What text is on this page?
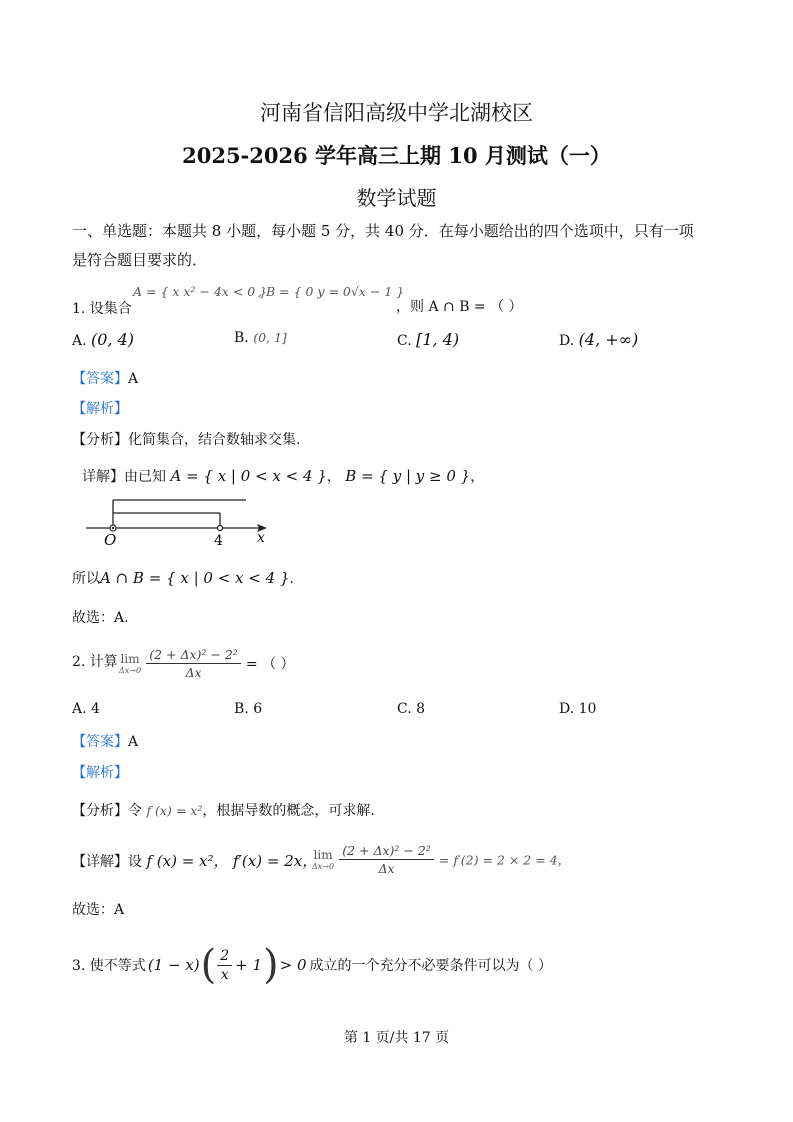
河南省信阳高级中学北湖校区
2025-2026 学年高三上期 10 月测试（一）
数学试题
一、单选题：本题共 8 小题，每小题 5 分，共 40 分．在每小题给出的四个选项中，只有一项
是符合题目要求的．
1. 设集合
A = { x x² − 4x < 0 }
, B = { 0 y = 0√x − 1 }
，则 A ∩ B = （ ）
A. (0, 4)	B. (0, 1]	C. [1, 4)	D. (4, +∞)
【答案】A
【解析】
【分析】化简集合，结合数轴求交集.
详解】由已知 A = { x | 0 < x < 4 }， B = { y | y ≥ 0 }，
O	4 x
所以A ∩ B = { x | 0 < x < 4 }.
故选：A.
2. 计算 lim
Δx→0
$\frac{\text{(2 + Δx)² − 2²}}{\Delta x}$ = （ ）
A. 4	B. 6	C. 8	D. 10
【答案】A
【解析】
【分析】令 f (x) = x²，根据导数的概念，可求解.
【详解】设 f (x) = x²， f′(x) = 2x，
lim
Δx→0
$\frac{\text{(2 + Δx)² − 2²}}{\Delta x} = f'(2) = 2 \times 2 = 4$，
故选：A
3. 使不等式 (1 − x) ( $\frac{2}{x} + 1$ ) > 0 成立的一个充分不必要条件可以为（ ）
第 1 页/共 17 页
